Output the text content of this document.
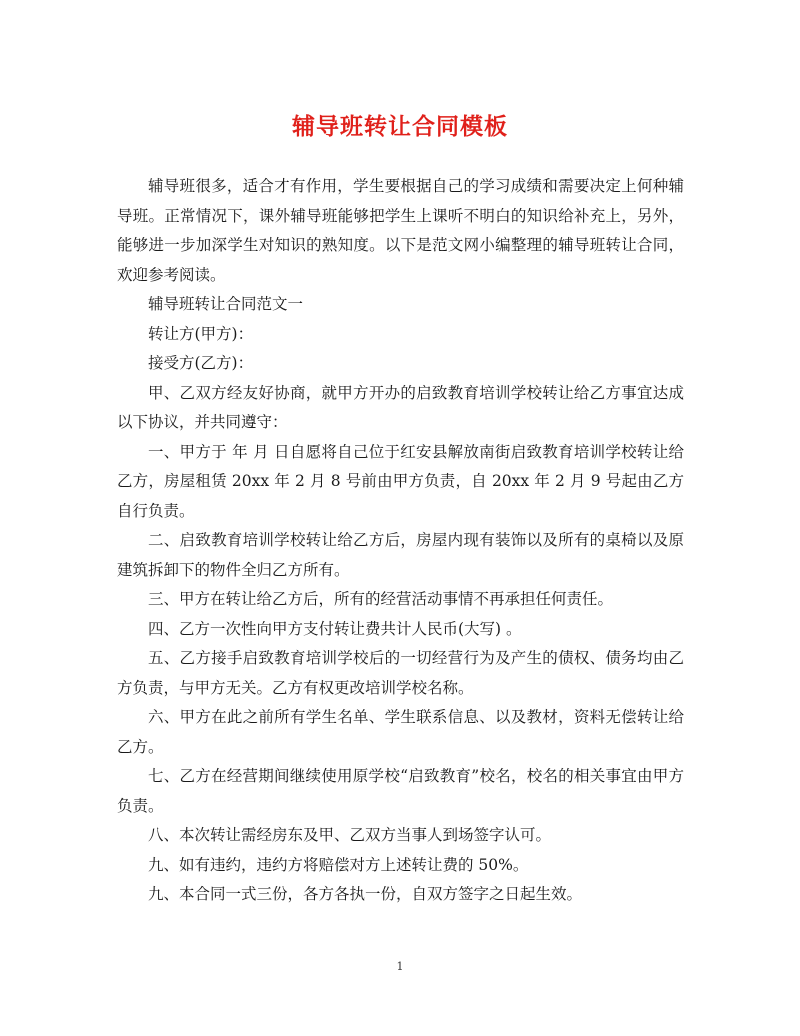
辅导班转让合同模板

辅导班很多，适合才有作用，学生要根据自己的学习成绩和需要决定上何种辅导班。正常情况下，课外辅导班能够把学生上课听不明白的知识给补充上，另外，能够进一步加深学生对知识的熟知度。以下是范文网小编整理的辅导班转让合同，欢迎参考阅读。

辅导班转让合同范文一

转让方(甲方)：

接受方(乙方)：

甲、乙双方经友好协商，就甲方开办的启致教育培训学校转让给乙方事宜达成以下协议，并共同遵守：

一、甲方于 年 月 日自愿将自己位于红安县解放南街启致教育培训学校转让给乙方，房屋租赁 20xx 年 2 月 8 号前由甲方负责，自 20xx 年 2 月 9 号起由乙方自行负责。

二、启致教育培训学校转让给乙方后，房屋内现有装饰以及所有的桌椅以及原建筑拆卸下的物件全归乙方所有。

三、甲方在转让给乙方后，所有的经营活动事情不再承担任何责任。

四、乙方一次性向甲方支付转让费共计人民币(大写) 。

五、乙方接手启致教育培训学校后的一切经营行为及产生的债权、债务均由乙方负责，与甲方无关。乙方有权更改培训学校名称。

六、甲方在此之前所有学生名单、学生联系信息、以及教材，资料无偿转让给乙方。

七、乙方在经营期间继续使用原学校“启致教育”校名，校名的相关事宜由甲方负责。

八、本次转让需经房东及甲、乙双方当事人到场签字认可。

九、如有违约，违约方将赔偿对方上述转让费的 50%。

九、本合同一式三份，各方各执一份，自双方签字之日起生效。

1
